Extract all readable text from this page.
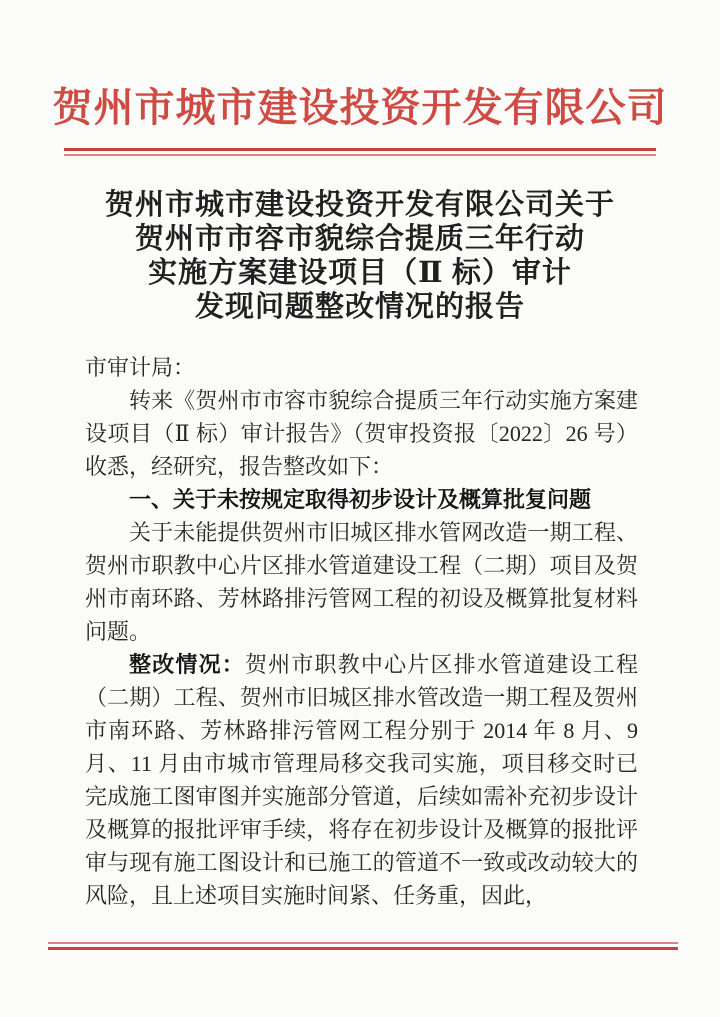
贺州市城市建设投资开发有限公司
贺州市城市建设投资开发有限公司关于
贺州市市容市貌综合提质三年行动
实施方案建设项目（Ⅱ 标）审计
发现问题整改情况的报告

市审计局：

转来《贺州市市容市貌综合提质三年行动实施方案建设项目（Ⅱ 标）审计报告》（贺审投资报〔2022〕26 号）收悉，经研究，报告整改如下：

一、关于未按规定取得初步设计及概算批复问题

关于未能提供贺州市旧城区排水管网改造一期工程、贺州市职教中心片区排水管道建设工程（二期）项目及贺州市南环路、芳林路排污管网工程的初设及概算批复材料问题。

整改情况：贺州市职教中心片区排水管道建设工程（二期）工程、贺州市旧城区排水管改造一期工程及贺州市南环路、芳林路排污管网工程分别于 2014 年 8 月、9 月、11 月由市城市管理局移交我司实施，项目移交时已完成施工图审图并实施部分管道，后续如需补充初步设计及概算的报批评审手续，将存在初步设计及概算的报批评审与现有施工图设计和已施工的管道不一致或改动较大的风险，且上述项目实施时间紧、任务重，因此，
